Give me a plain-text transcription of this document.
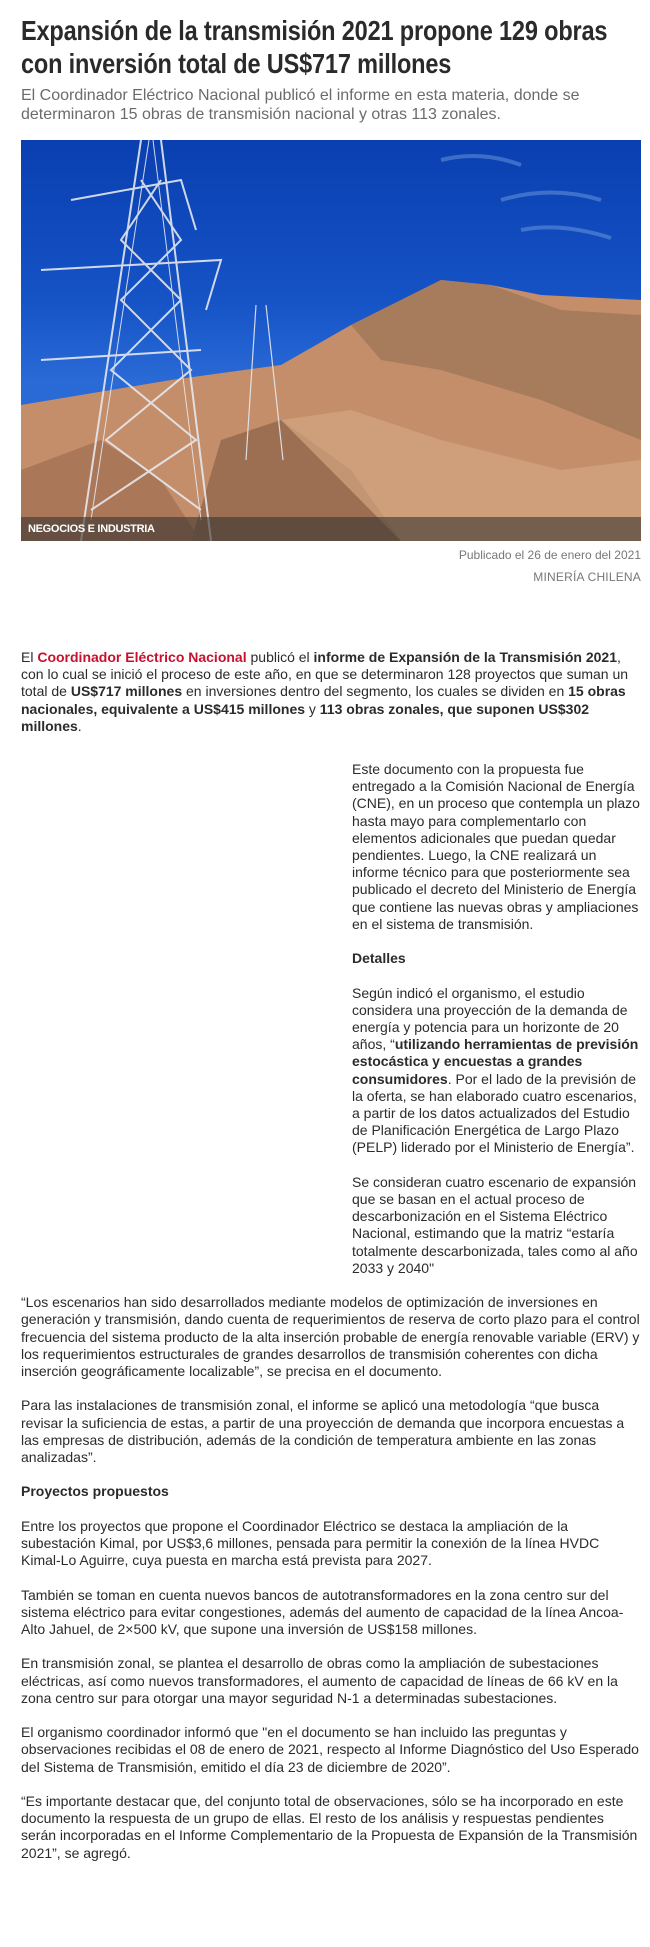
Expansión de la transmisión 2021 propone 129 obras con inversión total de US$717 millones

El Coordinador Eléctrico Nacional publicó el informe en esta materia, donde se determinaron 15 obras de transmisión nacional y otras 113 zonales.

NEGOCIOS E INDUSTRIA
Publicado el 26 de enero del 2021
MINERÍA CHILENA

El Coordinador Eléctrico Nacional publicó el informe de Expansión de la Transmisión 2021, con lo cual se inició el proceso de este año, en que se determinaron 128 proyectos que suman un total de US$717 millones en inversiones dentro del segmento, los cuales se dividen en 15 obras nacionales, equivalente a US$415 millones y 113 obras zonales, que suponen US$302 millones.

Este documento con la propuesta fue entregado a la Comisión Nacional de Energía (CNE), en un proceso que contempla un plazo hasta mayo para complementarlo con elementos adicionales que puedan quedar pendientes. Luego, la CNE realizará un informe técnico para que posteriormente sea publicado el decreto del Ministerio de Energía que contiene las nuevas obras y ampliaciones en el sistema de transmisión.

Detalles

Según indicó el organismo, el estudio considera una proyección de la demanda de energía y potencia para un horizonte de 20 años, “utilizando herramientas de previsión estocástica y encuestas a grandes consumidores. Por el lado de la previsión de la oferta, se han elaborado cuatro escenarios, a partir de los datos actualizados del Estudio de Planificación Energética de Largo Plazo (PELP) liderado por el Ministerio de Energía”.

Se consideran cuatro escenario de expansión que se basan en el actual proceso de descarbonización en el Sistema Eléctrico Nacional, estimando que la matriz “estaría totalmente descarbonizada, tales como al año 2033 y 2040"

“Los escenarios han sido desarrollados mediante modelos de optimización de inversiones en generación y transmisión, dando cuenta de requerimientos de reserva de corto plazo para el control frecuencia del sistema producto de la alta inserción probable de energía renovable variable (ERV) y los requerimientos estructurales de grandes desarrollos de transmisión coherentes con dicha inserción geográficamente localizable”, se precisa en el documento.

Para las instalaciones de transmisión zonal, el informe se aplicó una metodología “que busca revisar la suficiencia de estas, a partir de una proyección de demanda que incorpora encuestas a las empresas de distribución, además de la condición de temperatura ambiente en las zonas analizadas”.

Proyectos propuestos

Entre los proyectos que propone el Coordinador Eléctrico se destaca la ampliación de la subestación Kimal, por US$3,6 millones, pensada para permitir la conexión de la línea HVDC Kimal-Lo Aguirre, cuya puesta en marcha está prevista para 2027.

También se toman en cuenta nuevos bancos de autotransformadores en la zona centro sur del sistema eléctrico para evitar congestiones, además del aumento de capacidad de la línea Ancoa-Alto Jahuel, de 2×500 kV, que supone una inversión de US$158 millones.

En transmisión zonal, se plantea el desarrollo de obras como la ampliación de subestaciones eléctricas, así como nuevos transformadores, el aumento de capacidad de líneas de 66 kV en la zona centro sur para otorgar una mayor seguridad N-1 a determinadas subestaciones.

El organismo coordinador informó que "en el documento se han incluido las preguntas y observaciones recibidas el 08 de enero de 2021, respecto al Informe Diagnóstico del Uso Esperado del Sistema de Transmisión, emitido el día 23 de diciembre de 2020”.

“Es importante destacar que, del conjunto total de observaciones, sólo se ha incorporado en este documento la respuesta de un grupo de ellas. El resto de los análisis y respuestas pendientes serán incorporadas en el Informe Complementario de la Propuesta de Expansión de la Transmisión 2021”, se agregó.
